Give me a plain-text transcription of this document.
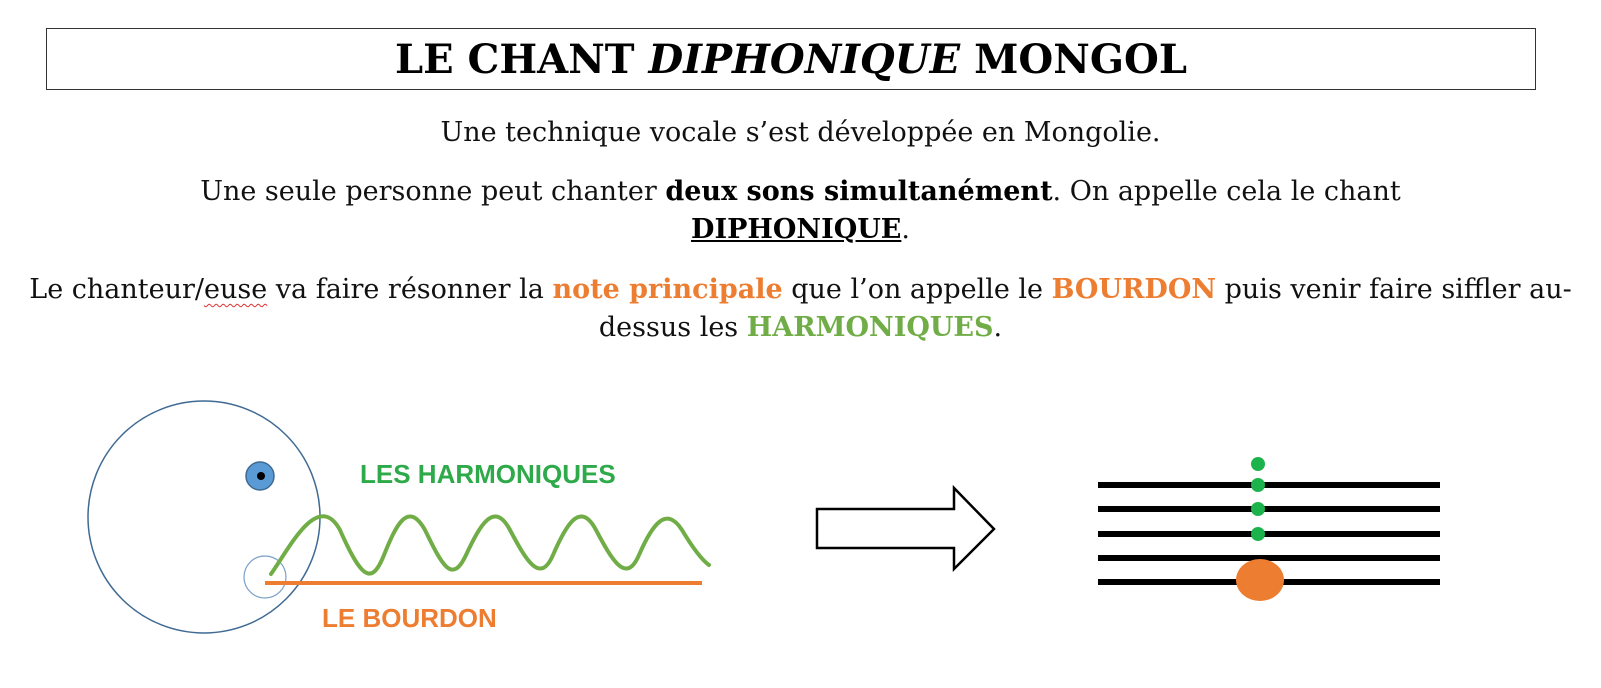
LE CHANT DIPHONIQUE MONGOL
Une technique vocale s’est développée en Mongolie.
Une seule personne peut chanter deux sons simultanément. On appelle cela le chant
DIPHONIQUE.
Le chanteur/euse va faire résonner la note principale que l’on appelle le BOURDON puis venir faire siffler au-dessus les HARMONIQUES.
LES HARMONIQUES
LE BOURDON
